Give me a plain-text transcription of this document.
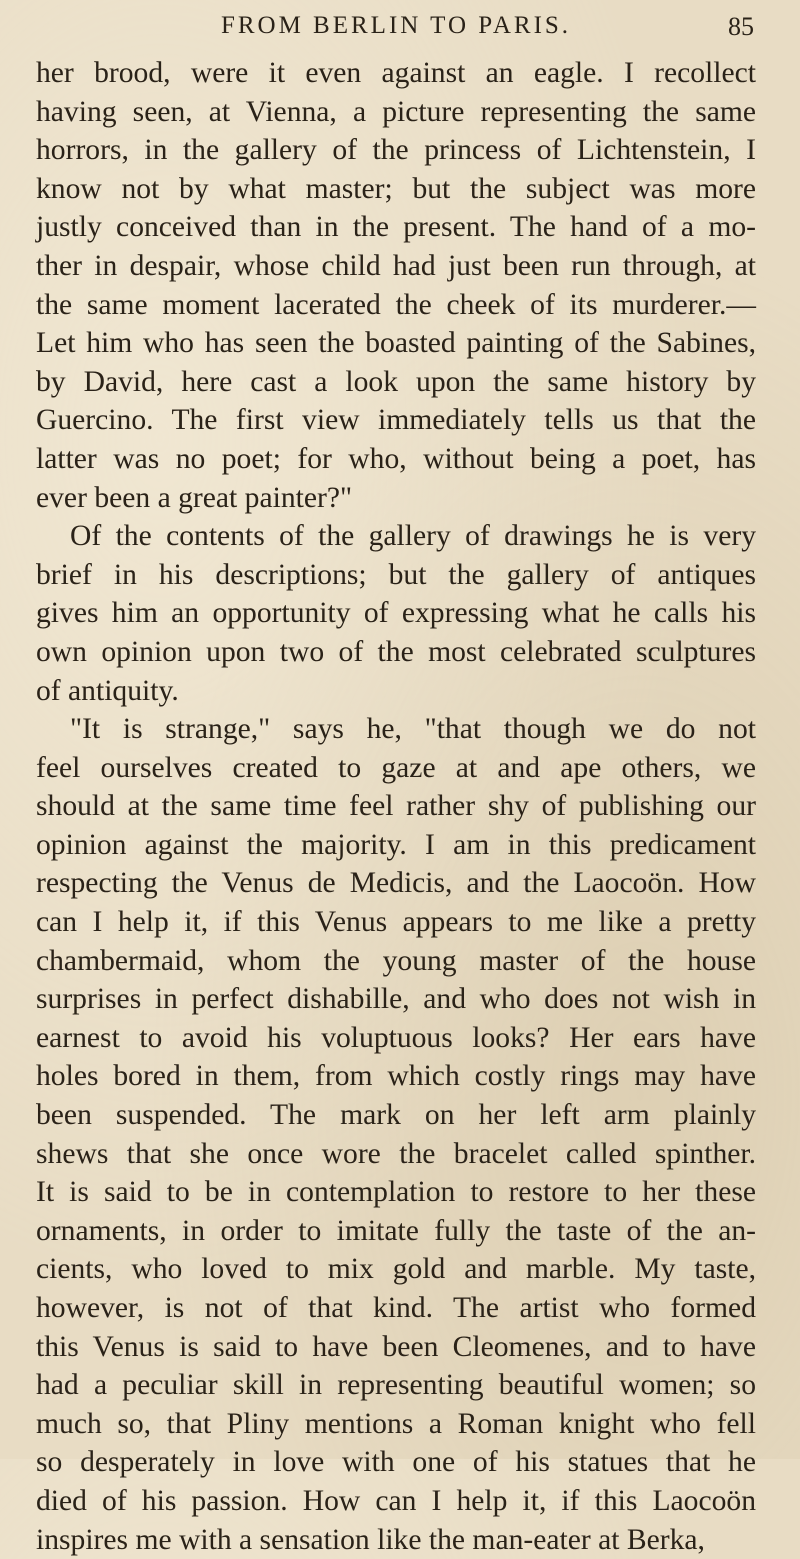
FROM BERLIN TO PARIS.	85

her brood, were it even against an eagle. I recollect
having seen, at Vienna, a picture representing the same
horrors, in the gallery of the princess of Lichtenstein, I
know not by what master; but the subject was more
justly conceived than in the present. The hand of a mo-
ther in despair, whose child had just been run through, at
the same moment lacerated the cheek of its murderer.—
Let him who has seen the boasted painting of the Sabines,
by David, here cast a look upon the same history by
Guercino. The first view immediately tells us that the
latter was no poet; for who, without being a poet, has
ever been a great painter?"

Of the contents of the gallery of drawings he is very
brief in his descriptions; but the gallery of antiques
gives him an opportunity of expressing what he calls his
own opinion upon two of the most celebrated sculptures
of antiquity.

"It is strange," says he, "that though we do not
feel ourselves created to gaze at and ape others, we
should at the same time feel rather shy of publishing our
opinion against the majority. I am in this predicament
respecting the Venus de Medicis, and the Laocoön. How
can I help it, if this Venus appears to me like a pretty
chambermaid, whom the young master of the house
surprises in perfect dishabille, and who does not wish in
earnest to avoid his voluptuous looks? Her ears have
holes bored in them, from which costly rings may have
been suspended. The mark on her left arm plainly
shews that she once wore the bracelet called spinther.
It is said to be in contemplation to restore to her these
ornaments, in order to imitate fully the taste of the an-
cients, who loved to mix gold and marble. My taste,
however, is not of that kind. The artist who formed
this Venus is said to have been Cleomenes, and to have
had a peculiar skill in representing beautiful women; so
much so, that Pliny mentions a Roman knight who fell
so desperately in love with one of his statues that he
died of his passion. How can I help it, if this Laocoön
inspires me with a sensation like the man-eater at Berka,
